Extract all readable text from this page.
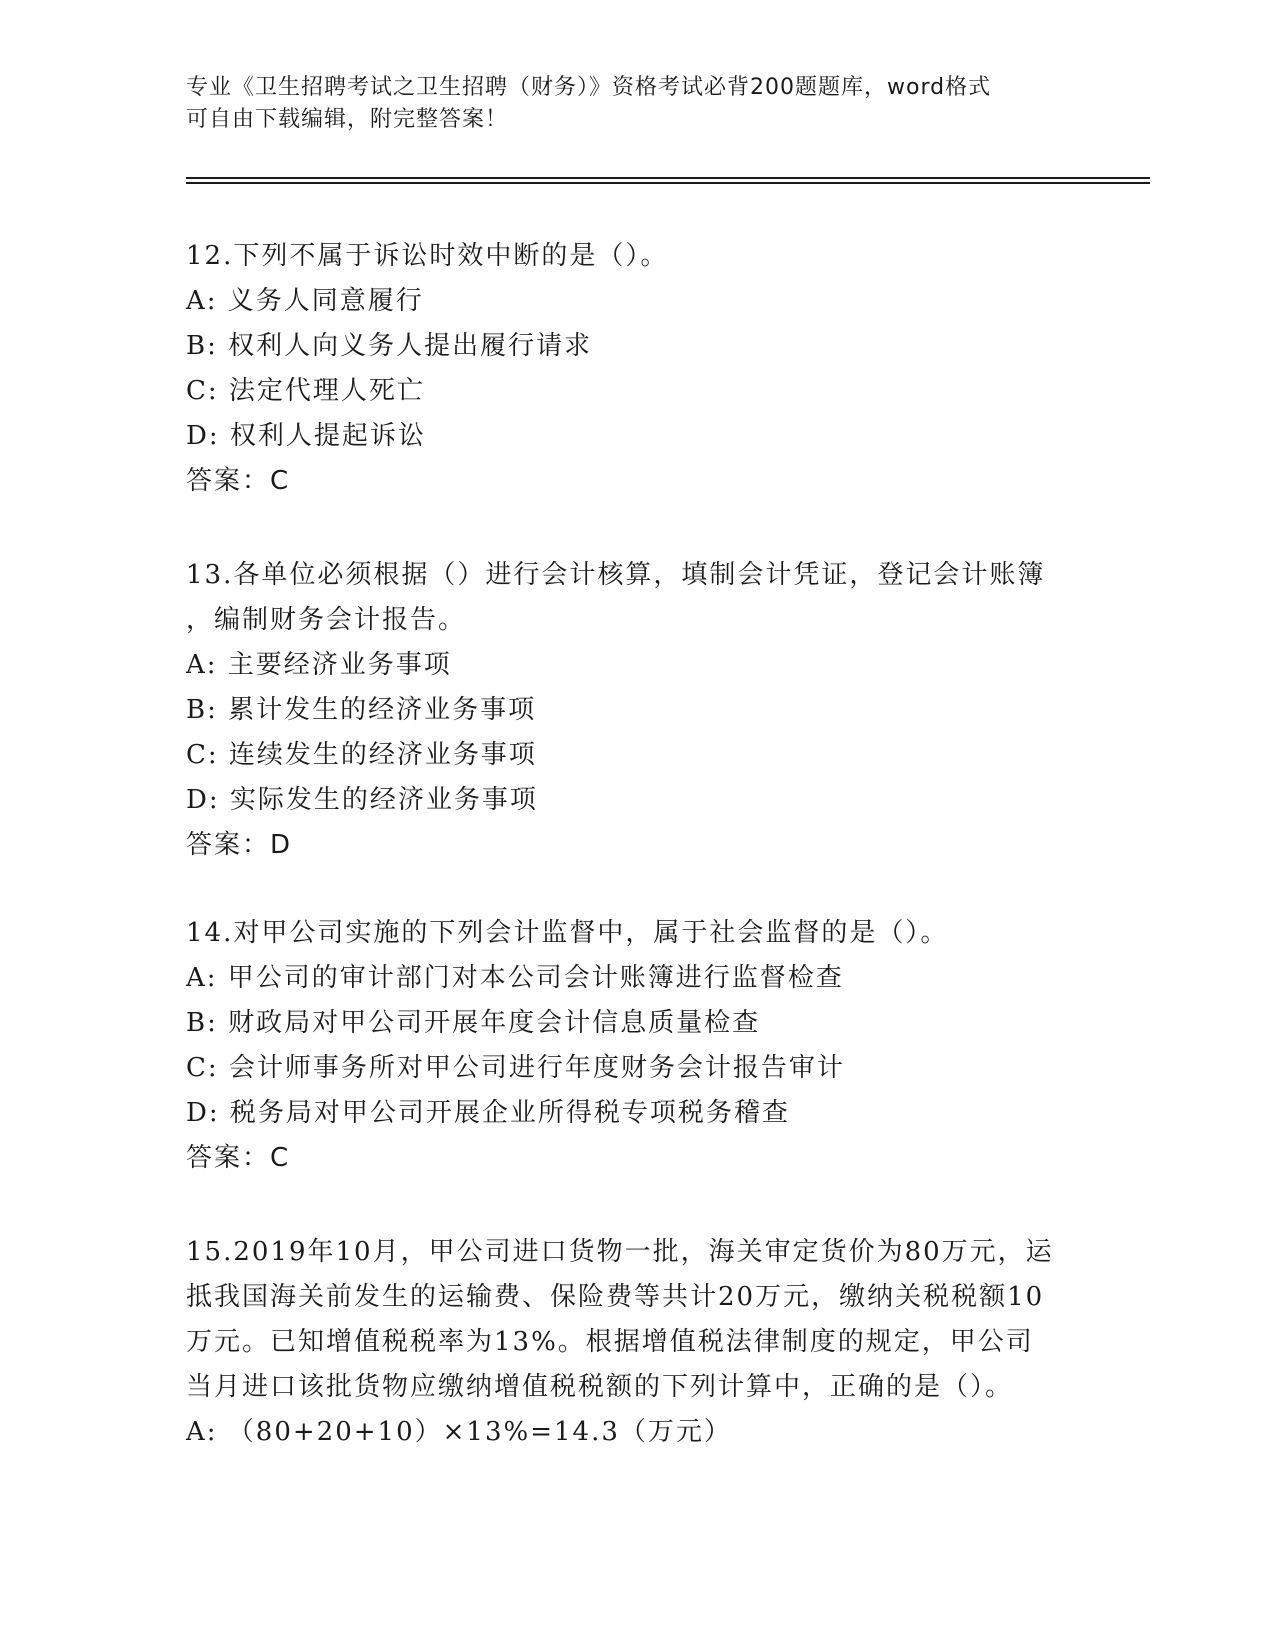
专业《卫生招聘考试之卫生招聘（财务）》资格考试必背200题题库，word格式
可自由下载编辑，附完整答案！
12.下列不属于诉讼时效中断的是（）。
A: 义务人同意履行
B: 权利人向义务人提出履行请求
C: 法定代理人死亡
D: 权利人提起诉讼
答案：C
13.各单位必须根据（）进行会计核算，填制会计凭证，登记会计账簿
，编制财务会计报告。
A: 主要经济业务事项
B: 累计发生的经济业务事项
C: 连续发生的经济业务事项
D: 实际发生的经济业务事项
答案：D
14.对甲公司实施的下列会计监督中，属于社会监督的是（）。
A: 甲公司的审计部门对本公司会计账簿进行监督检查
B: 财政局对甲公司开展年度会计信息质量检查
C: 会计师事务所对甲公司进行年度财务会计报告审计
D: 税务局对甲公司开展企业所得税专项税务稽查
答案：C
15.2019年10月，甲公司进口货物一批，海关审定货价为80万元，运
抵我国海关前发生的运输费、保险费等共计20万元，缴纳关税税额10
万元。已知增值税税率为13%。根据增值税法律制度的规定，甲公司
当月进口该批货物应缴纳增值税税额的下列计算中，正确的是（）。
A: （80+20+10）×13%=14.3（万元）
